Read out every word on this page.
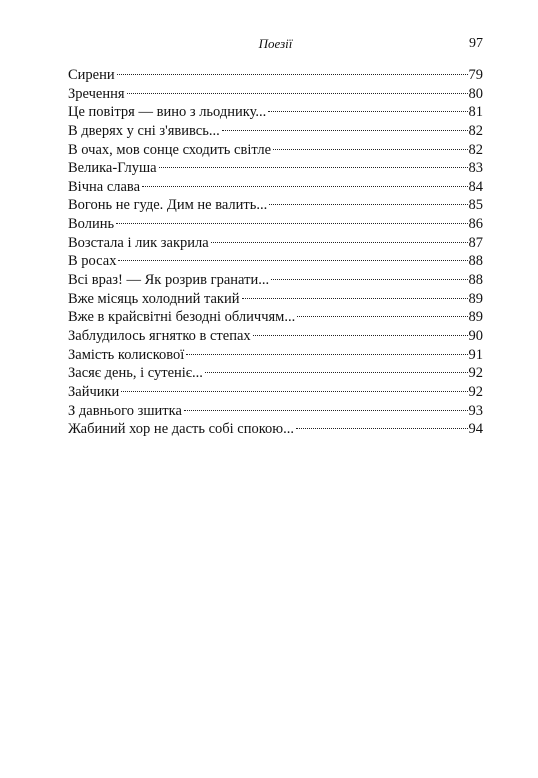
Поезії	97
Сирени	79
Зречення	80
Це повітря — вино з льоднику...	81
В дверях у сні з'явивсь...	82
В очах, мов сонце сходить світле	82
Велика-Глуша	83
Вічна слава	84
Вогонь не гуде. Дим не валить...	85
Волинь	86
Возстала і лик закрила	87
В росах	88
Всі враз! — Як розрив гранати...	88
Вже місяць холодний такий	89
Вже в крайсвітні безодні обличчям...	89
Заблудилось ягнятко в степах	90
Замість колискової	91
Засяє день, і сутеніє...	92
Зайчики	92
З давнього зшитка	93
Жабиний хор не дасть собі спокою...	94
